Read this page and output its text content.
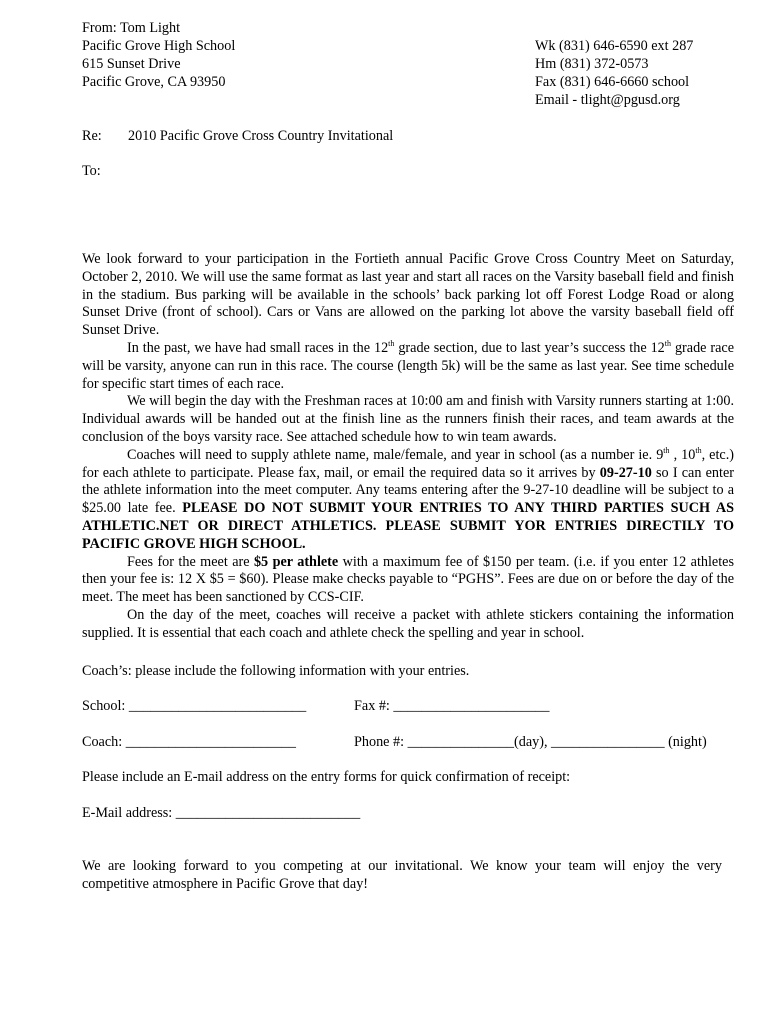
From: Tom Light
Pacific Grove High School
615 Sunset Drive
Pacific Grove, CA 93950
Wk (831) 646-6590 ext 287
Hm (831) 372-0573
Fax (831) 646-6660 school
Email - tlight@pgusd.org
Re: 2010 Pacific Grove Cross Country Invitational
To:

We look forward to your participation in the Fortieth annual Pacific Grove Cross Country Meet on Saturday, October 2, 2010. We will use the same format as last year and start all races on the Varsity baseball field and finish in the stadium. Bus parking will be available in the schools’ back parking lot off Forest Lodge Road or along Sunset Drive (front of school). Cars or Vans are allowed on the parking lot above the varsity baseball field off Sunset Drive.

In the past, we have had small races in the 12th grade section, due to last year’s success the 12th grade race will be varsity, anyone can run in this race. The course (length 5k) will be the same as last year. See time schedule for specific start times of each race.

We will begin the day with the Freshman races at 10:00 am and finish with Varsity runners starting at 1:00. Individual awards will be handed out at the finish line as the runners finish their races, and team awards at the conclusion of the boys varsity race. See attached schedule how to win team awards.

Coaches will need to supply athlete name, male/female, and year in school (as a number ie. 9th , 10th, etc.) for each athlete to participate. Please fax, mail, or email the required data so it arrives by 09-27-10 so I can enter the athlete information into the meet computer. Any teams entering after the 9-27-10 deadline will be subject to a $25.00 late fee. PLEASE DO NOT SUBMIT YOUR ENTRIES TO ANY THIRD PARTIES SUCH AS ATHLETIC.NET OR DIRECT ATHLETICS. PLEASE SUBMIT YOR ENTRIES DIRECTILY TO PACIFIC GROVE HIGH SCHOOL.

Fees for the meet are $5 per athlete with a maximum fee of $150 per team. (i.e. if you enter 12 athletes then your fee is: 12 X $5 = $60). Please make checks payable to “PGHS”. Fees are due on or before the day of the meet. The meet has been sanctioned by CCS-CIF.

On the day of the meet, coaches will receive a packet with athlete stickers containing the information supplied. It is essential that each coach and athlete check the spelling and year in school.

Coach’s: please include the following information with your entries.
School: _________________________	Fax #: ______________________
Coach: ________________________	Phone #: _______________(day), ________________ (night)
Please include an E-mail address on the entry forms for quick confirmation of receipt:
E-Mail address: __________________________

We are looking forward to you competing at our invitational. We know your team will enjoy the very competitive atmosphere in Pacific Grove that day!
